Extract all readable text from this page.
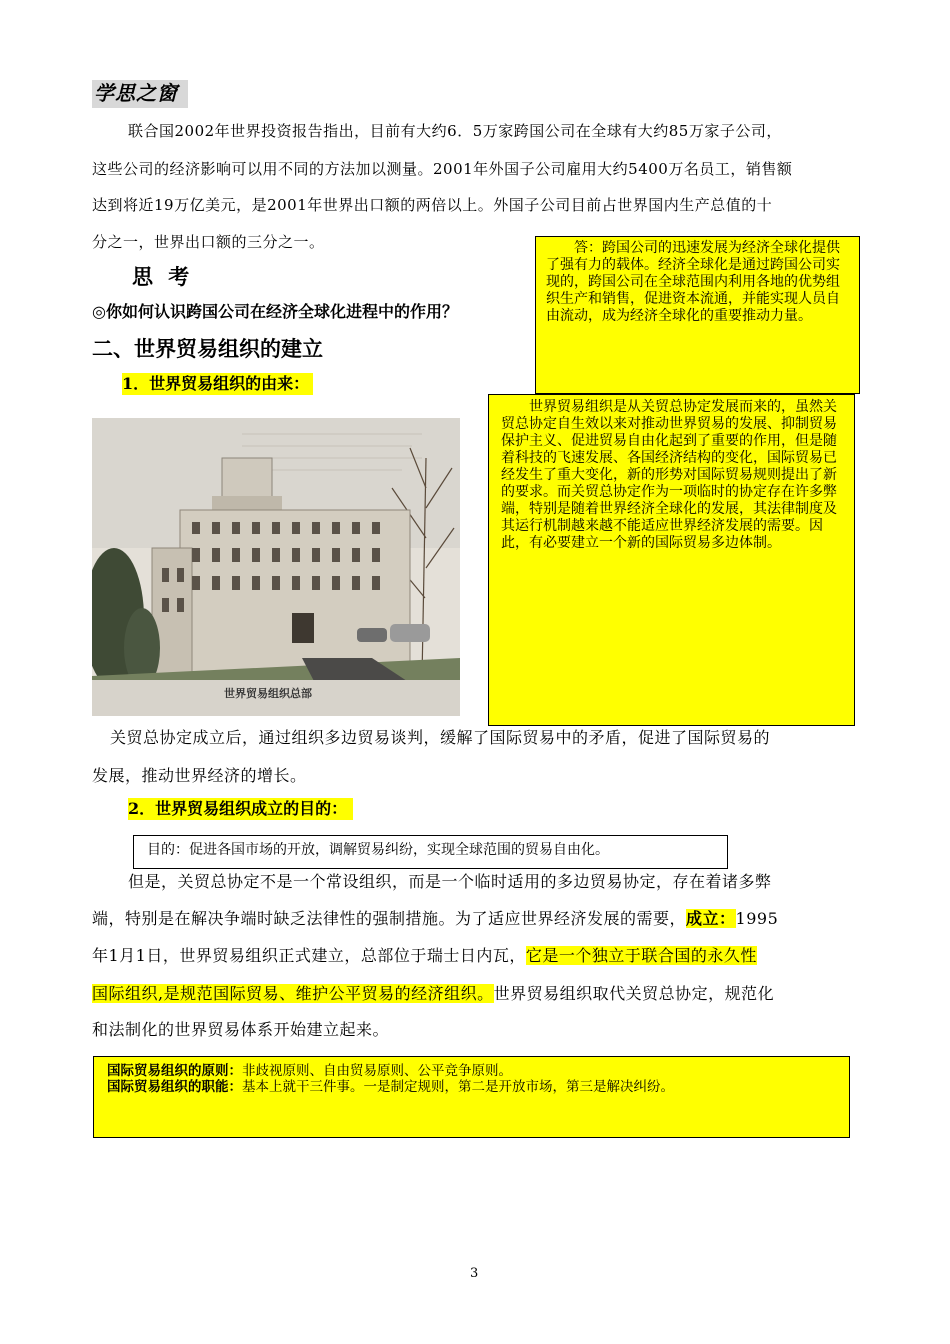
学思之窗
联合国2002年世界投资报告指出，目前有大约6．5万家跨国公司在全球有大约85万家子公司，
这些公司的经济影响可以用不同的方法加以测量。2001年外国子公司雇用大约5400万名员工，销售额
达到将近19万亿美元，是2001年世界出口额的两倍以上。外国子公司目前占世界国内生产总值的十
分之一，世界出口额的三分之一。
思 考
◎你如何认识跨国公司在经济全球化进程中的作用？
答：跨国公司的迅速发展为经济全球化提供了强有力的载体。经济全球化是通过跨国公司实现的，跨国公司在全球范围内利用各地的优势组织生产和销售，促进资本流通，并能实现人员自由流动，成为经济全球化的重要推动力量。
二、世界贸易组织的建立
1．世界贸易组织的由来：
世界贸易组织是从关贸总协定发展而来的，虽然关贸总协定自生效以来对推动世界贸易的发展、抑制贸易保护主义、促进贸易自由化起到了重要的作用，但是随着科技的飞速发展、各国经济结构的变化，国际贸易已经发生了重大变化，新的形势对国际贸易规则提出了新的要求。而关贸总协定作为一项临时的协定存在许多弊端，特别是随着世界经济全球化的发展，其法律制度及其运行机制越来越不能适应世界经济发展的需要。因此，有必要建立一个新的国际贸易多边体制。
世界贸易组织总部
关贸总协定成立后，通过组织多边贸易谈判，缓解了国际贸易中的矛盾，促进了国际贸易的
发展，推动世界经济的增长。
2．世界贸易组织成立的目的：
目的：促进各国市场的开放，调解贸易纠纷，实现全球范围的贸易自由化。
但是，关贸总协定不是一个常设组织，而是一个临时适用的多边贸易协定，存在着诸多弊
端，特别是在解决争端时缺乏法律性的强制措施。为了适应世界经济发展的需要，成立：1995
年1月1日，世界贸易组织正式建立，总部位于瑞士日内瓦，它是一个独立于联合国的永久性
国际组织,是规范国际贸易、维护公平贸易的经济组织。世界贸易组织取代关贸总协定，规范化
和法制化的世界贸易体系开始建立起来。
国际贸易组织的原则：非歧视原则、自由贸易原则、公平竞争原则。
国际贸易组织的职能：基本上就干三件事。一是制定规则，第二是开放市场，第三是解决纠纷。
3
